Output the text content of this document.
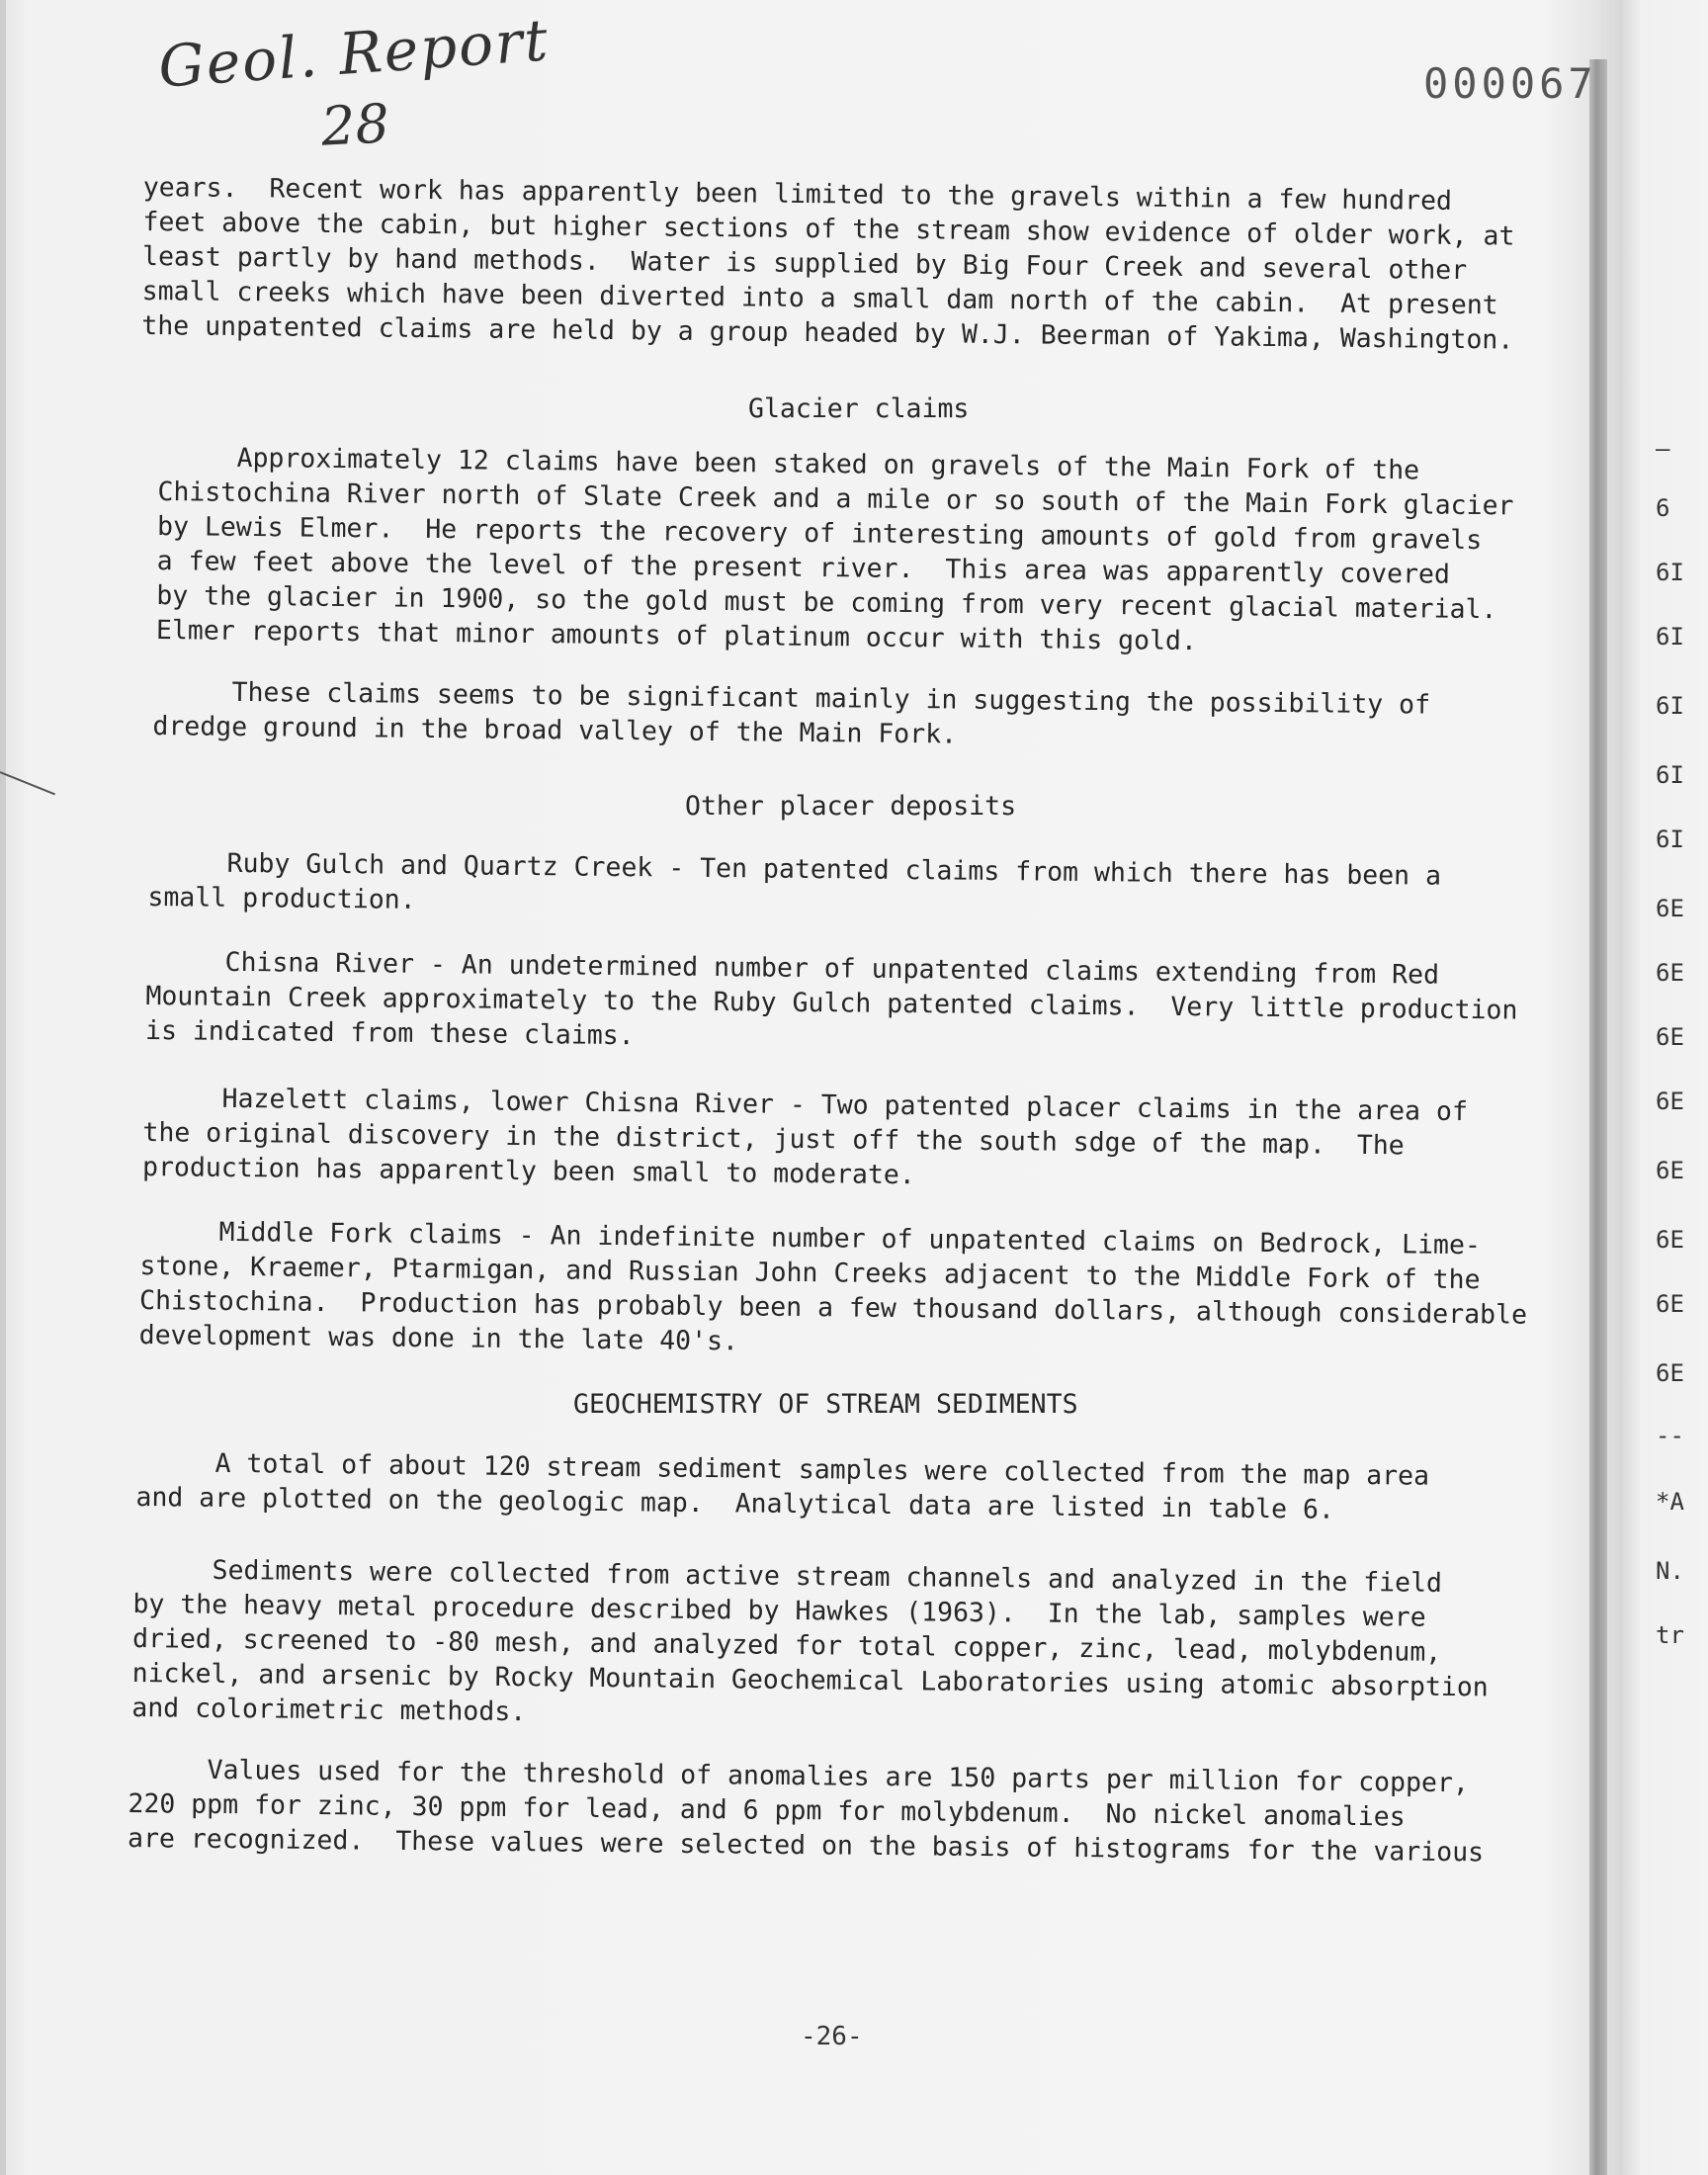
Geol. Report
28
000067
years.  Recent work has apparently been limited to the gravels within a few hundred
feet above the cabin, but higher sections of the stream show evidence of older work, at
least partly by hand methods.  Water is supplied by Big Four Creek and several other
small creeks which have been diverted into a small dam north of the cabin.  At present
the unpatented claims are held by a group headed by W.J. Beerman of Yakima, Washington.
Glacier claims
Approximately 12 claims have been staked on gravels of the Main Fork of the
Chistochina River north of Slate Creek and a mile or so south of the Main Fork glacier
by Lewis Elmer.  He reports the recovery of interesting amounts of gold from gravels
a few feet above the level of the present river.  This area was apparently covered
by the glacier in 1900, so the gold must be coming from very recent glacial material.
Elmer reports that minor amounts of platinum occur with this gold.
These claims seems to be significant mainly in suggesting the possibility of
dredge ground in the broad valley of the Main Fork.
Other placer deposits
Ruby Gulch and Quartz Creek - Ten patented claims from which there has been a
small production.
Chisna River - An undetermined number of unpatented claims extending from Red
Mountain Creek approximately to the Ruby Gulch patented claims.  Very little production
is indicated from these claims.
Hazelett claims, lower Chisna River - Two patented placer claims in the area of
the original discovery in the district, just off the south sdge of the map.  The
production has apparently been small to moderate.
Middle Fork claims - An indefinite number of unpatented claims on Bedrock, Lime-
stone, Kraemer, Ptarmigan, and Russian John Creeks adjacent to the Middle Fork of the
Chistochina.  Production has probably been a few thousand dollars, although considerable
development was done in the late 40's.
GEOCHEMISTRY OF STREAM SEDIMENTS
A total of about 120 stream sediment samples were collected from the map area
and are plotted on the geologic map.  Analytical data are listed in table 6.
Sediments were collected from active stream channels and analyzed in the field
by the heavy metal procedure described by Hawkes (1963).  In the lab, samples were
dried, screened to -80 mesh, and analyzed for total copper, zinc, lead, molybdenum,
nickel, and arsenic by Rocky Mountain Geochemical Laboratories using atomic absorption
and colorimetric methods.
Values used for the threshold of anomalies are 150 parts per million for copper,
220 ppm for zinc, 30 ppm for lead, and 6 ppm for molybdenum.  No nickel anomalies
are recognized.  These values were selected on the basis of histograms for the various
-26-
—
6
6I
6I
6I
6I
6I
6E
6E
6E
6E
6E
6E
6E
6E
--
*A
N.
tr
